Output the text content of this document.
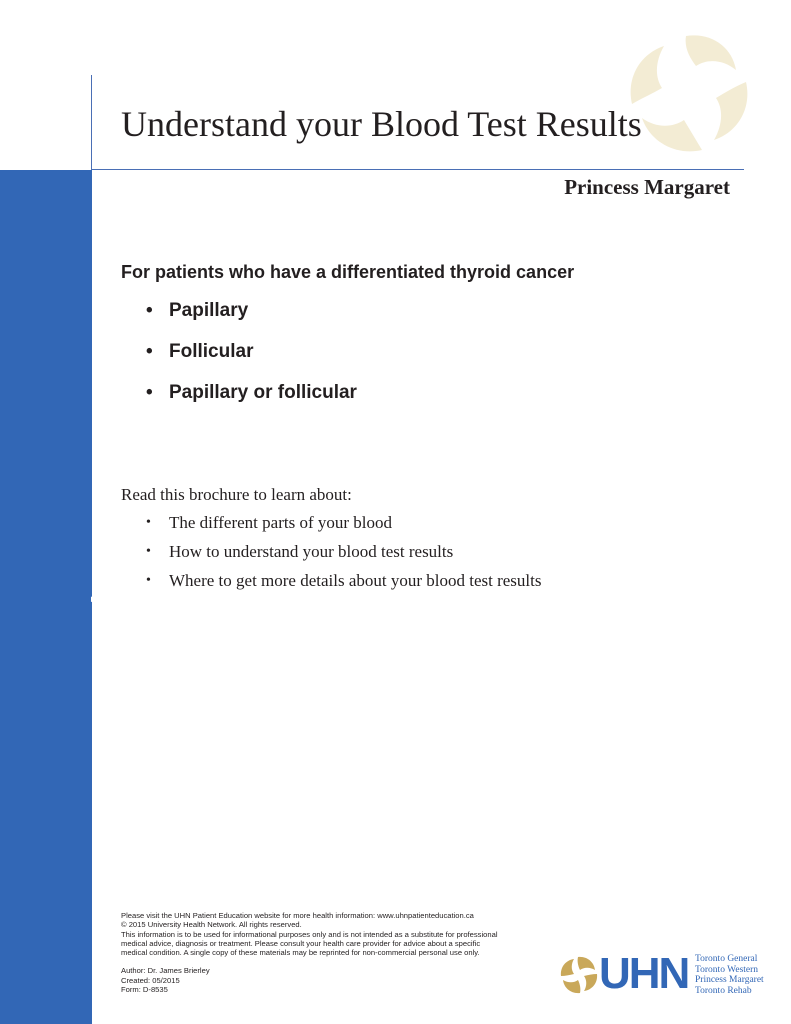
Understand your Blood Test Results
Princess Margaret
Patient Education Improving health through education
For patients who have a differentiated thyroid cancer
• Papillary
• Follicular
• Papillary or follicular

Read this brochure to learn about:

• The different parts of your blood
• How to understand your blood test results
• Where to get more details about your blood test results

Please visit the UHN Patient Education website for more health information: www.uhnpatienteducation.ca

© 2015 University Health Network. All rights reserved.

This information is to be used for informational purposes only and is not intended as a substitute for professional

medical advice, diagnosis or treatment. Please consult your health care provider for advice about a specific

medical condition. A single copy of these materials may be reprinted for non-commercial personal use only.

Author: Dr. James Brierley

Created: 05/2015

Form: D-8535	UHN Toronto General
Toronto Western
Princess Margaret
Toronto Rehab
